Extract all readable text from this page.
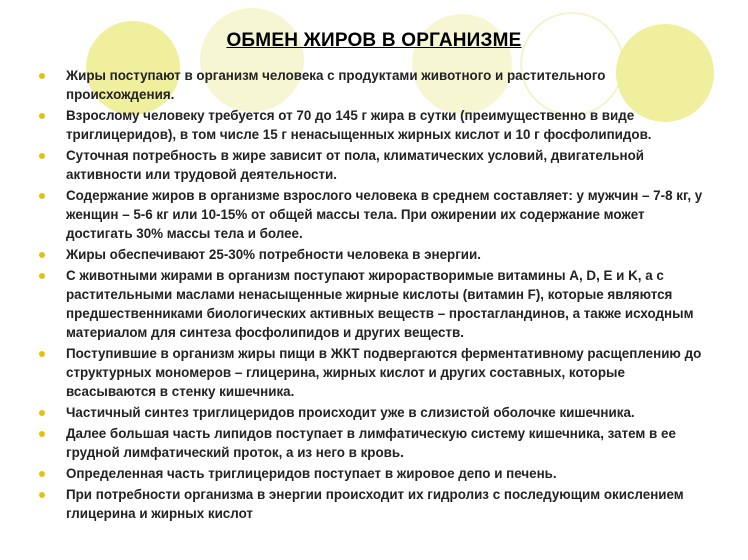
ОБМЕН ЖИРОВ В ОРГАНИЗМЕ
Жиры поступают в организм человека с продуктами животного и растительного происхождения.
Взрослому человеку требуется от 70 до 145 г жира в сутки (преимущественно в виде триглицеридов), в том числе 15 г ненасыщенных жирных кислот и 10 г фосфолипидов.
Суточная потребность в жире зависит от пола, климатических условий, двигательной активности или трудовой деятельности.
Содержание жиров в организме взрослого человека в среднем составляет: у мужчин – 7-8 кг, у женщин – 5-6 кг или 10-15% от общей массы тела. При ожирении их содержание может достигать 30% массы тела и более.
Жиры обеспечивают 25-30% потребности человека в энергии.
С животными жирами в организм поступают жирорастворимые витамины A, D, E и K, а с растительными маслами ненасыщенные жирные кислоты (витамин F), которые являются предшественниками биологических активных веществ – простагландинов, а также исходным материалом для синтеза фосфолипидов и других веществ.
Поступившие в организм жиры пищи в ЖКТ подвергаются ферментативному расщеплению до структурных мономеров – глицерина, жирных кислот и других составных, которые всасываются в стенку кишечника.
Частичный синтез триглицеридов происходит уже в слизистой оболочке кишечника.
Далее большая часть липидов поступает в лимфатическую систему кишечника, затем в ее грудной лимфатический проток, а из него в кровь.
Определенная часть триглицеридов поступает в жировое депо и печень.
При потребности организма в энергии происходит их гидролиз с последующим окислением глицерина и жирных кислот
